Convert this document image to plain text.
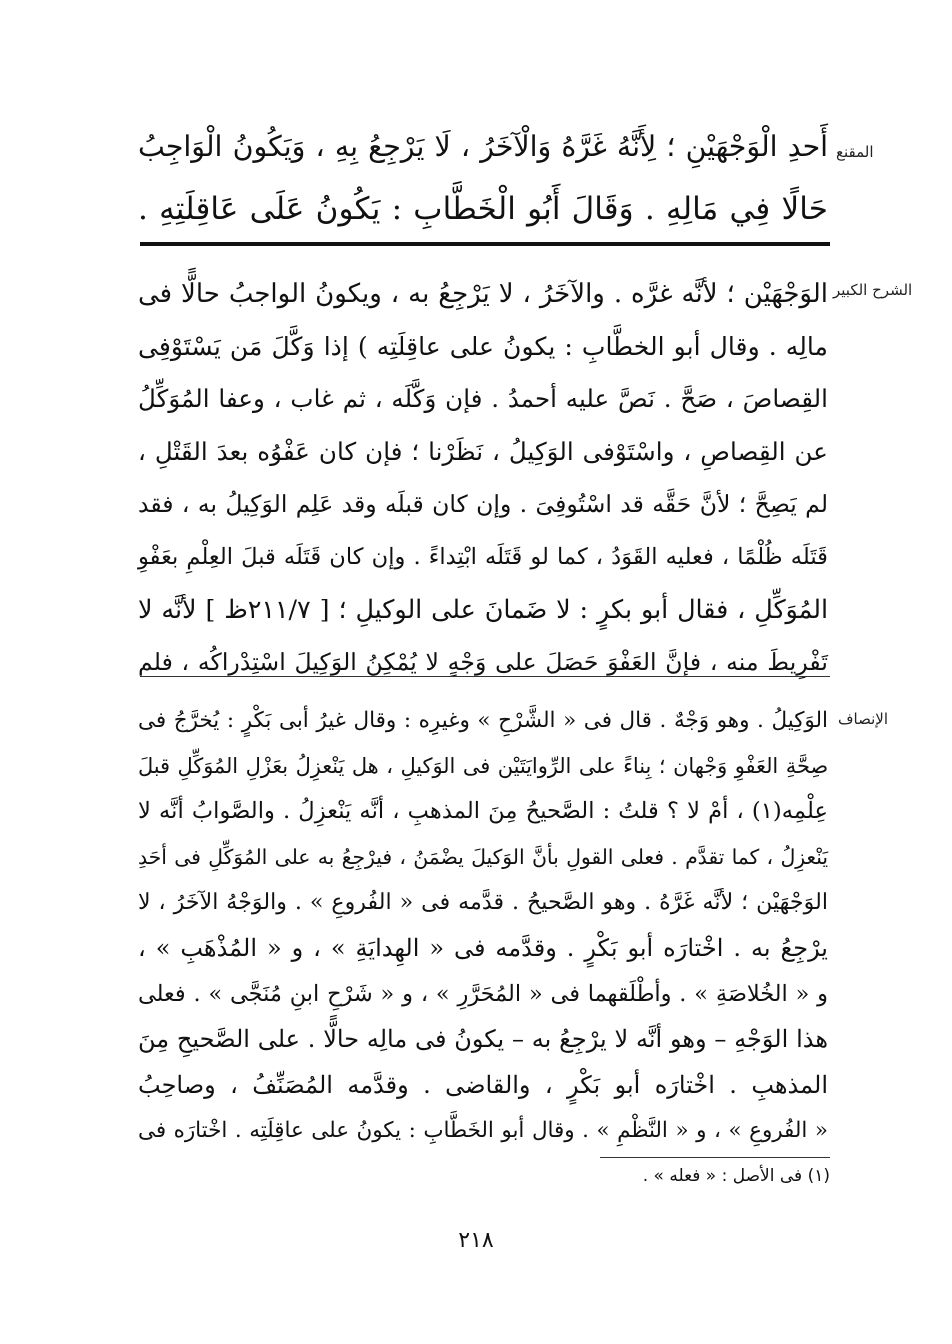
المقنع
أَحدِ الْوَجْهَيْنِ ؛ لِأَنَّهُ غَرَّهُ وَالْآخَرُ ، لَا يَرْجِعُ بِهِ ، وَيَكُونُ الْوَاجِبُ
حَالًا فِي مَالِهِ . وَقَالَ أَبُو الْخَطَّابِ : يَكُونُ عَلَى عَاقِلَتِهِ .
الشرح الكبير
الوَجْهَيْن ؛ لأنَّه غرَّه . والآخَرُ ، لا يَرْجِعُ به ، ويكونُ الواجبُ حالًّا فى
مالِه . وقال أبو الخطَّابِ : يكونُ على عاقِلَتِه ) إذا وَكَّلَ مَن يَسْتَوْفِى
القِصاصَ ، صَحَّ . نَصَّ عليه أحمدُ . فإن وَكَّلَه ، ثم غاب ، وعفا المُوَكِّلُ
عن القِصاصِ ، واسْتَوْفى الوَكِيلُ ، نَظَرْنا ؛ فإن كان عَفْوُه بعدَ القَتْلِ ،
لم يَصِحَّ ؛ لأنَّ حَقَّه قد اسْتُوفِىَ . وإن كان قبلَه وقد عَلِم الوَكِيلُ به ، فقد
قَتَلَه ظُلْمًا ، فعليه القَوَدُ ، كما لو قَتَلَه ابْتِداءً . وإن كان قَتَلَه قبلَ العِلْمِ بعَفْوِ
المُوَكِّلِ ، فقال أبو بكرٍ : لا ضَمانَ على الوكيلِ ؛ [ ٢١١/٧ظ ] لأنَّه لا
تَفْرِيطَ منه ، فإنَّ العَفْوَ حَصَلَ على وَجْهٍ لا يُمْكِنُ الوَكِيلَ اسْتِدْراكُه ، فلم
الإنصاف
الوَكِيلُ . وهو وَجْهٌ . قال فى « الشَّرْحِ » وغيرِه : وقال غيرُ أبى بَكْرٍ : يُخرَّجُ فى
صِحَّةِ العَفْوِ وَجْهان ؛ بِناءً على الرِّوايَتَيْن فى الوَكيلِ ، هل يَنْعزِلُ بعَزْلِ المُوَكِّلِ قبلَ
عِلْمِه(١) ، أمْ لا ؟ قلتُ : الصَّحيحُ مِنَ المذهبِ ، أنَّه يَنْعزِلُ . والصَّوابُ أنَّه لا
يَنْعزِلُ ، كما تقدَّم . فعلى القولِ بأنَّ الوَكيلَ يضْمَنُ ، فيرْجِعُ به على المُوَكِّلِ فى أحَدِ
الوَجْهَيْن ؛ لأنَّه غَرَّهُ . وهو الصَّحيحُ . قدَّمه فى « الفُروعِ » . والوَجْهُ الآخَرُ ، لا
يرْجِعُ به . اخْتارَه أبو بَكْرٍ . وقدَّمه فى « الهِدايَةِ » ، و « المُذْهَبِ » ،
و « الخُلاصَةِ » . وأطْلَقهما فى « المُحَرَّرِ » ، و « شَرْحِ ابنِ مُنَجَّى » . فعلى
هذا الوَجْهِ – وهو أنَّه لا يرْجِعُ به – يكونُ فى مالِه حالًّا . على الصَّحيحِ مِنَ
المذهبِ . اخْتارَه أبو بَكْرٍ ، والقاضى . وقدَّمه المُصَنِّفُ ، وصاحِبُ
« الفُروعِ » ، و « النَّظْمِ » . وقال أبو الخَطَّابِ : يكونُ على عاقِلَتِه . اخْتارَه فى
(١) فى الأصل : « فعله » .
٢١٨
